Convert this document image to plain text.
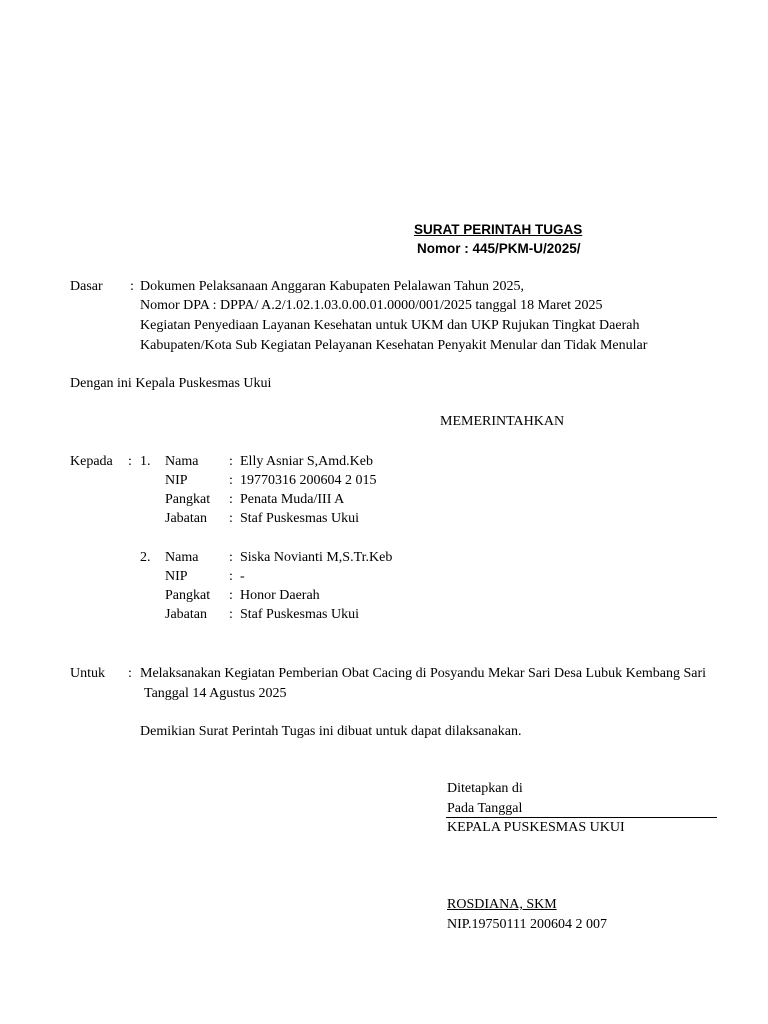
SURAT PERINTAH TUGAS
Nomor : 445/PKM-U/2025/
Dasar : Dokumen Pelaksanaan Anggaran Kabupaten Pelalawan Tahun 2025,
Nomor DPA : DPPA/ A.2/1.02.1.03.0.00.01.0000/001/2025 tanggal 18 Maret 2025
Kegiatan Penyediaan Layanan Kesehatan untuk UKM dan UKP Rujukan Tingkat Daerah
Kabupaten/Kota Sub Kegiatan Pelayanan Kesehatan Penyakit Menular dan Tidak Menular
Dengan ini Kepala Puskesmas Ukui
MEMERINTAHKAN
Kepada : 1. Nama : Elly Asniar S,Amd.Keb
NIP	: 19770316 200604 2 015
Pangkat : Penata Muda/III A
Jabatan : Staf Puskesmas Ukui
2. Nama : Siska Novianti M,S.Tr.Keb
NIP	: -
Pangkat : Honor Daerah
Jabatan : Staf Puskesmas Ukui
Untuk : Melaksanakan Kegiatan Pemberian Obat Cacing di Posyandu Mekar Sari Desa Lubuk Kembang Sari
Tanggal 14 Agustus 2025
Demikian Surat Perintah Tugas ini dibuat untuk dapat dilaksanakan.
Ditetapkan di
Pada Tanggal
KEPALA PUSKESMAS UKUI
ROSDIANA, SKM
NIP.19750111 200604 2 007
